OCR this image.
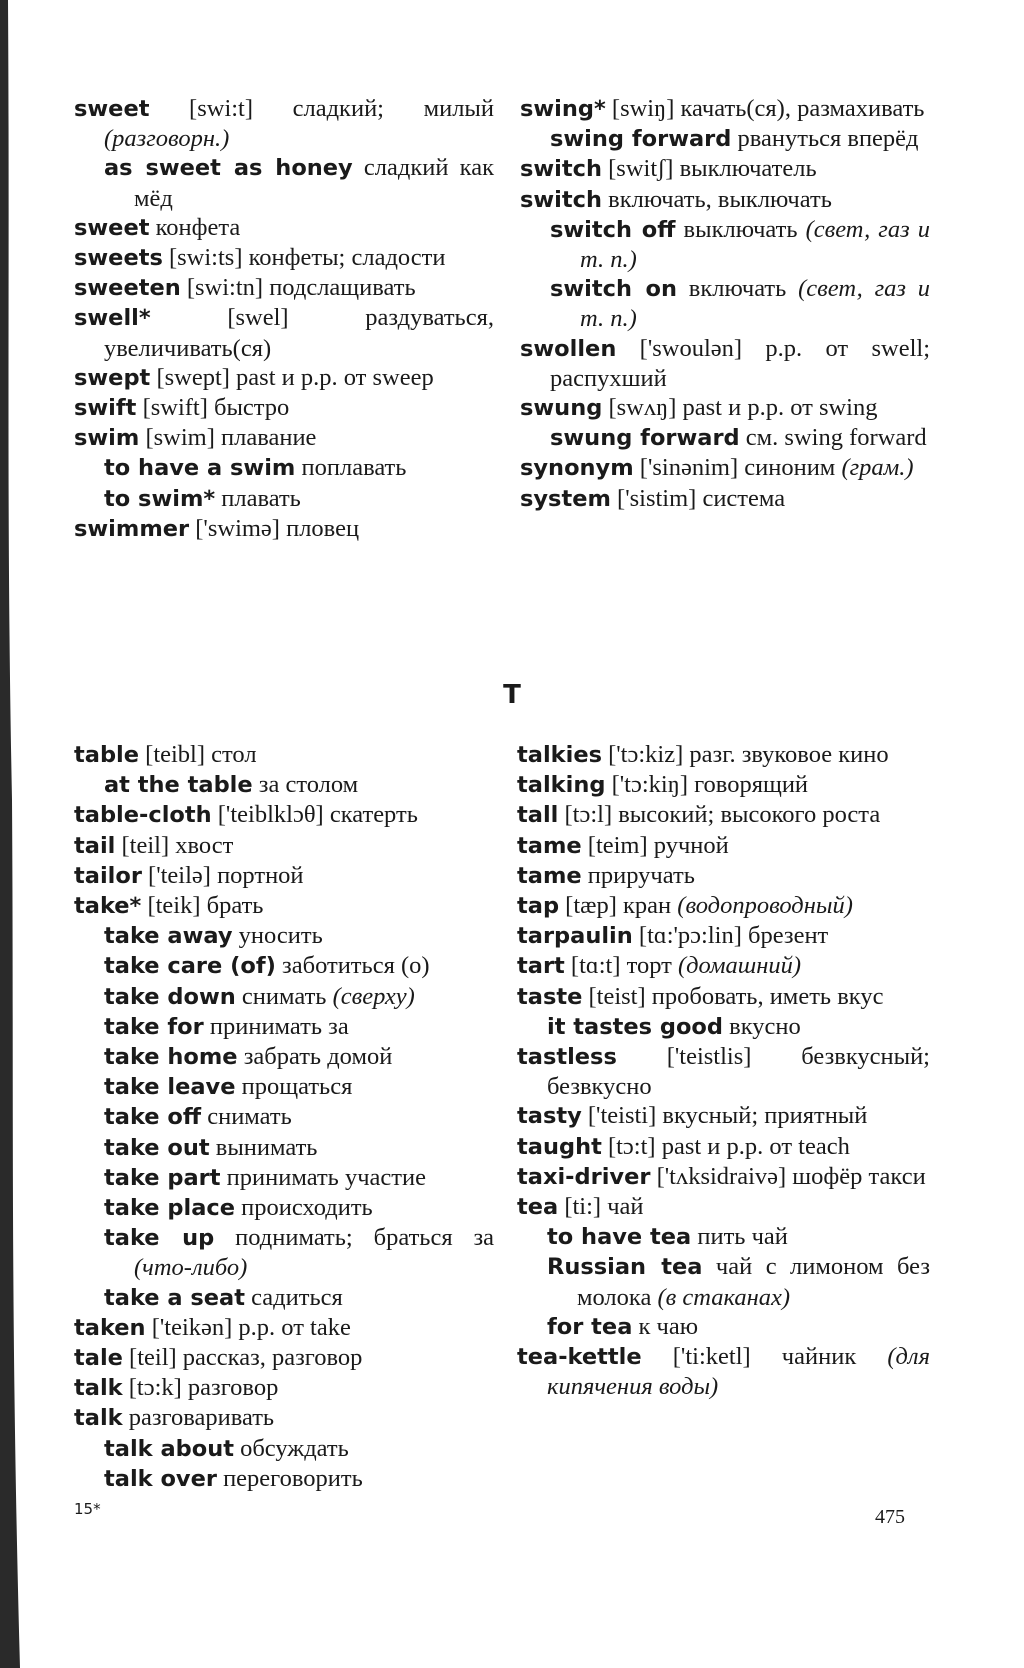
sweet [swi:t] сладкий; милый (разговорн.)
as sweet as honey сладкий как мёд
sweet конфета
sweets [swi:ts] конфеты; сладости
sweeten [swi:tn] подслащивать
swell* [swel] раздуваться, увеличивать(ся)
swept [swept] past и p.p. от sweep
swift [swift] быстро
swim [swim] плавание
to have a swim поплавать
to swim* плавать
swimmer ['swimə] пловец
swing* [swiŋ] качать(ся), размахивать
swing forward рвануться вперёд
switch [switʃ] выключатель
switch включать, выключать
switch off выключать (свет, газ и т. п.)
switch on включать (свет, газ и т. п.)
swollen ['swoulən] p.p. от swell; распухший
swung [swʌŋ] past и p.p. от swing
swung forward см. swing forward
synonym ['sinənim] синоним (грам.)
system ['sistim] система
T
table [teibl] стол
at the table за столом
table-cloth ['teiblklɔθ] скатерть
tail [teil] хвост
tailor ['teilə] портной
take* [teik] брать
take away уносить
take care (of) заботиться (о)
take down снимать (сверху)
take for принимать за
take home забрать домой
take leave прощаться
take off снимать
take out вынимать
take part принимать участие
take place происходить
take up поднимать; браться за (что-либо)
take a seat садиться
taken ['teikən] p.p. от take
tale [teil] рассказ, разговор
talk [tɔ:k] разговор
talk разговаривать
talk about обсуждать
talk over переговорить
talkies ['tɔ:kiz] разг. звуковое кино
talking ['tɔ:kiŋ] говорящий
tall [tɔ:l] высокий; высокого роста
tame [teim] ручной
tame приручать
tap [tæp] кран (водопроводный)
tarpaulin [tɑ:'pɔ:lin] брезент
tart [tɑ:t] торт (домашний)
taste [teist] пробовать, иметь вкус
it tastes good вкусно
tastless ['teistlis] безвкусный; безвкусно
tasty ['teisti] вкусный; приятный
taught [tɔ:t] past и p.p. от teach
taxi-driver ['tʌksidraivə] шофёр такси
tea [ti:] чай
to have tea пить чай
Russian tea чай с лимоном без молока (в стаканах)
for tea к чаю
tea-kettle ['ti:ketl] чайник (для кипячения воды)
15*	475
